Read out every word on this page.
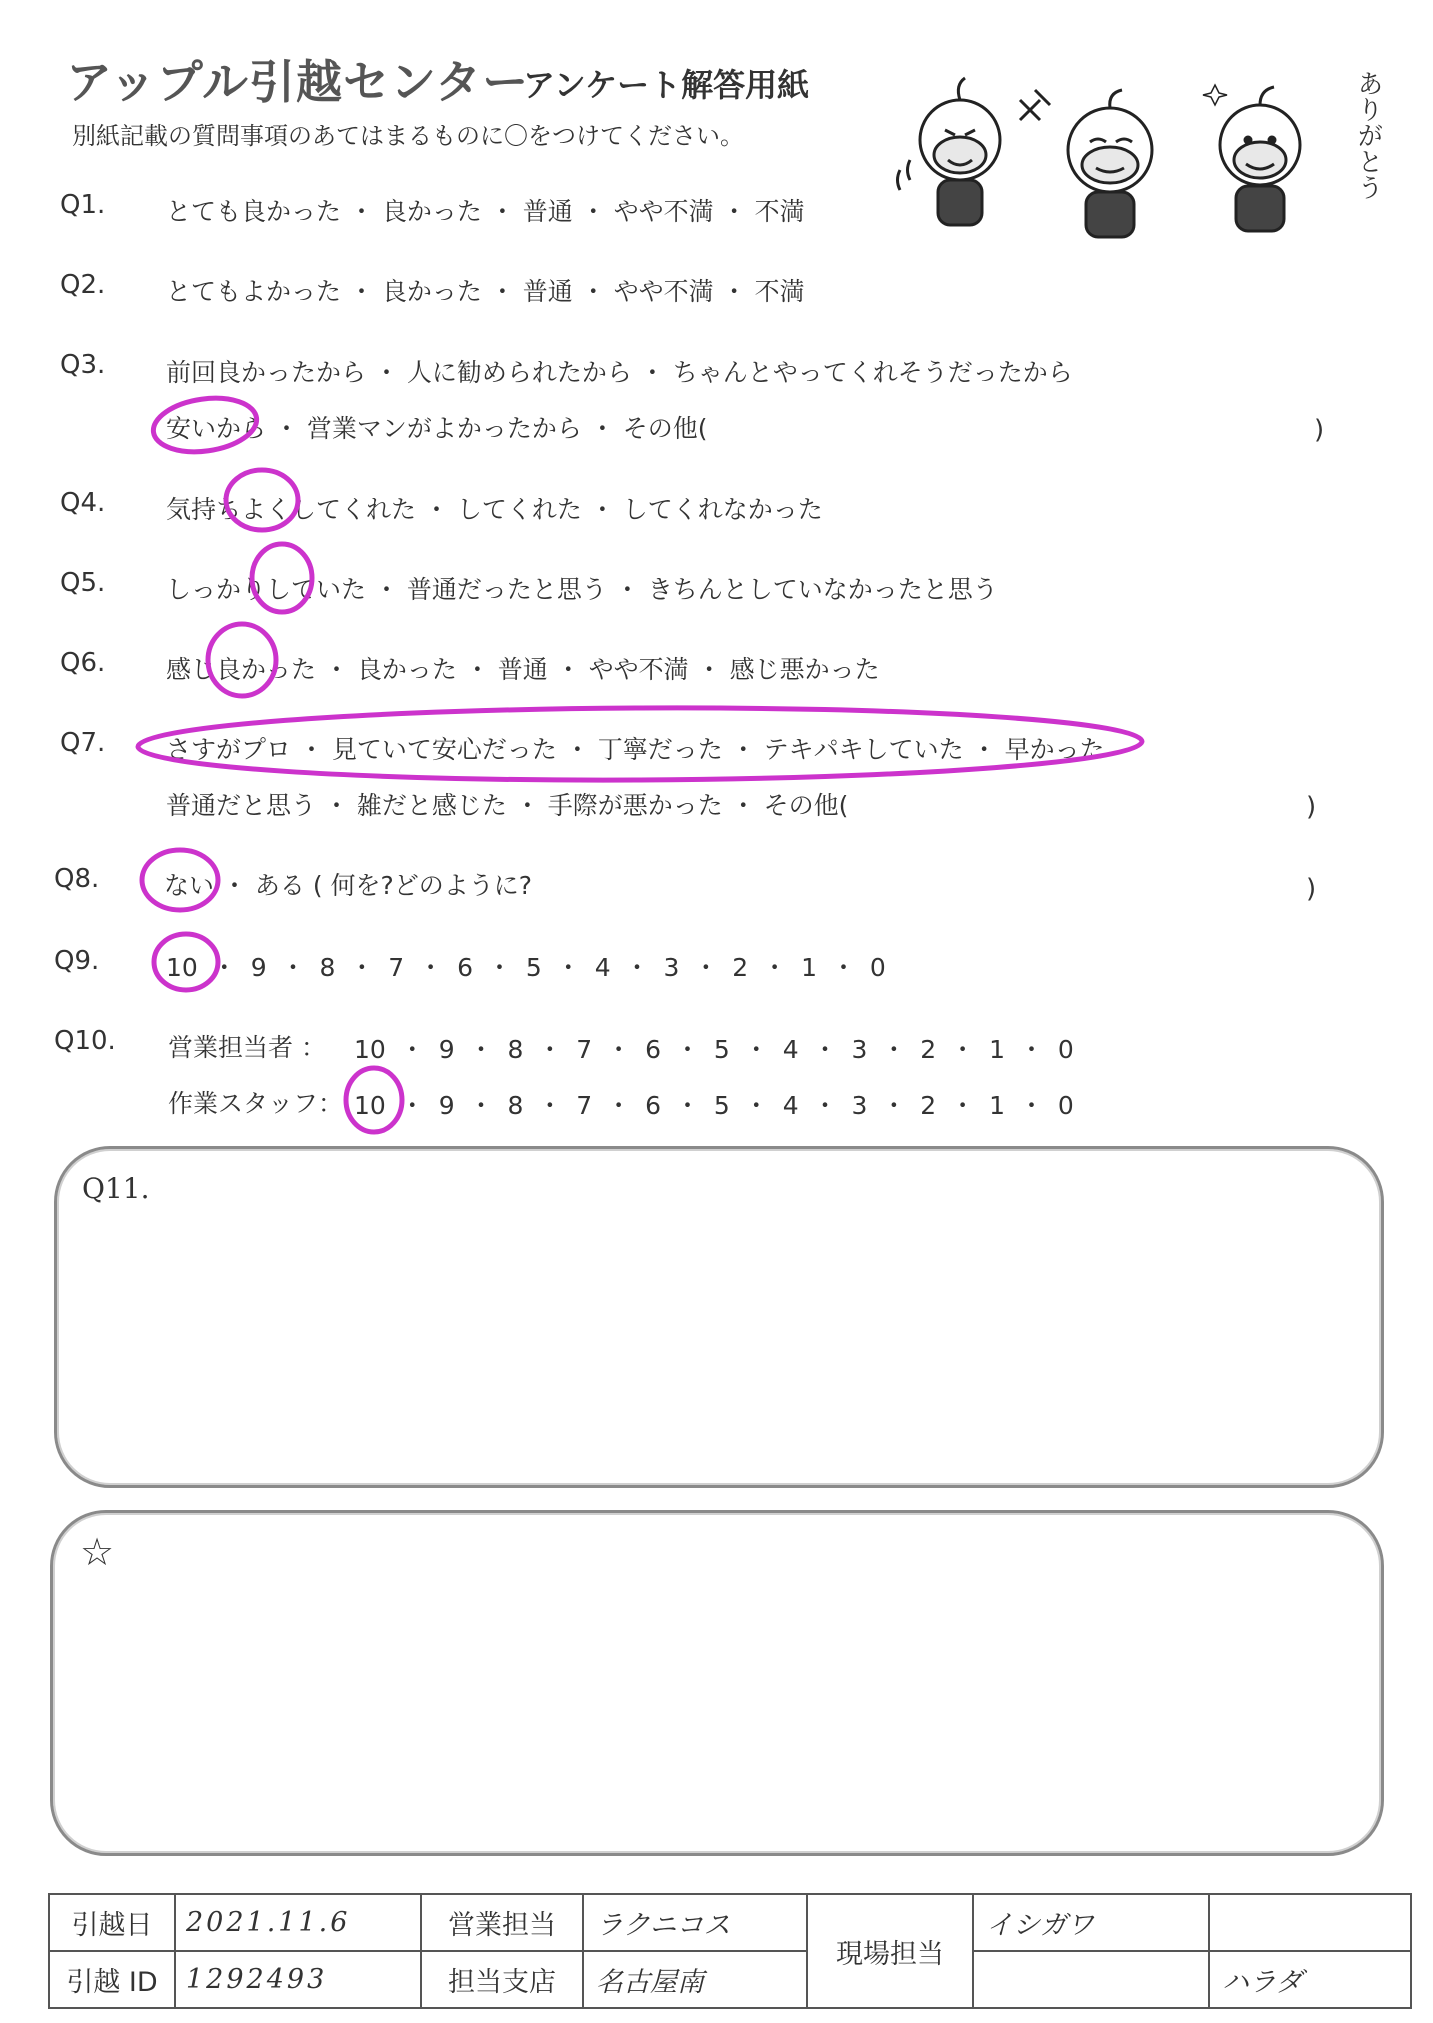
アップル引越センター
アンケート解答用紙
別紙記載の質問事項のあてはまるものに〇をつけてください。	ありがとう
Q1. とても良かった ・ 良かった ・ 普通 ・ やや不満 ・ 不満
Q2. とてもよかった ・ 良かった ・ 普通 ・ やや不満 ・ 不満
Q3. 前回良かったから ・ 人に勧められたから ・ ちゃんとやってくれそうだったから
安いから ・ 営業マンがよかったから ・ その他(	)
Q4. 気持ちよくしてくれた ・ してくれた ・ してくれなかった
Q5. しっかりしていた ・ 普通だったと思う ・ きちんとしていなかったと思う
Q6. 感じ良かった ・ 良かった ・ 普通 ・ やや不満 ・ 感じ悪かった
Q7. さすがプロ ・ 見ていて安心だった ・ 丁寧だった ・ テキパキしていた ・ 早かった
普通だと思う ・ 雑だと感じた ・ 手際が悪かった ・ その他(	)
Q8.	ない ・ ある ( 何を?どのように?	)
Q9.	10 ・ 9 ・ 8 ・ 7 ・ 6 ・ 5 ・ 4 ・ 3 ・ 2 ・ 1 ・ 0
Q10. 営業担当者 ： 10 ・ 9 ・ 8 ・ 7 ・ 6 ・ 5 ・ 4 ・ 3 ・ 2 ・ 1 ・ 0
作業スタッフ： 10 ・ 9 ・ 8 ・ 7 ・ 6 ・ 5 ・ 4 ・ 3 ・ 2 ・ 1 ・ 0
Q11.
☆
引越日	2021.11.6	営業担当	ラクニコス	現場担当	イシガワ	
引越 ID	1292493	担当支店	名古屋南			ハラダ
